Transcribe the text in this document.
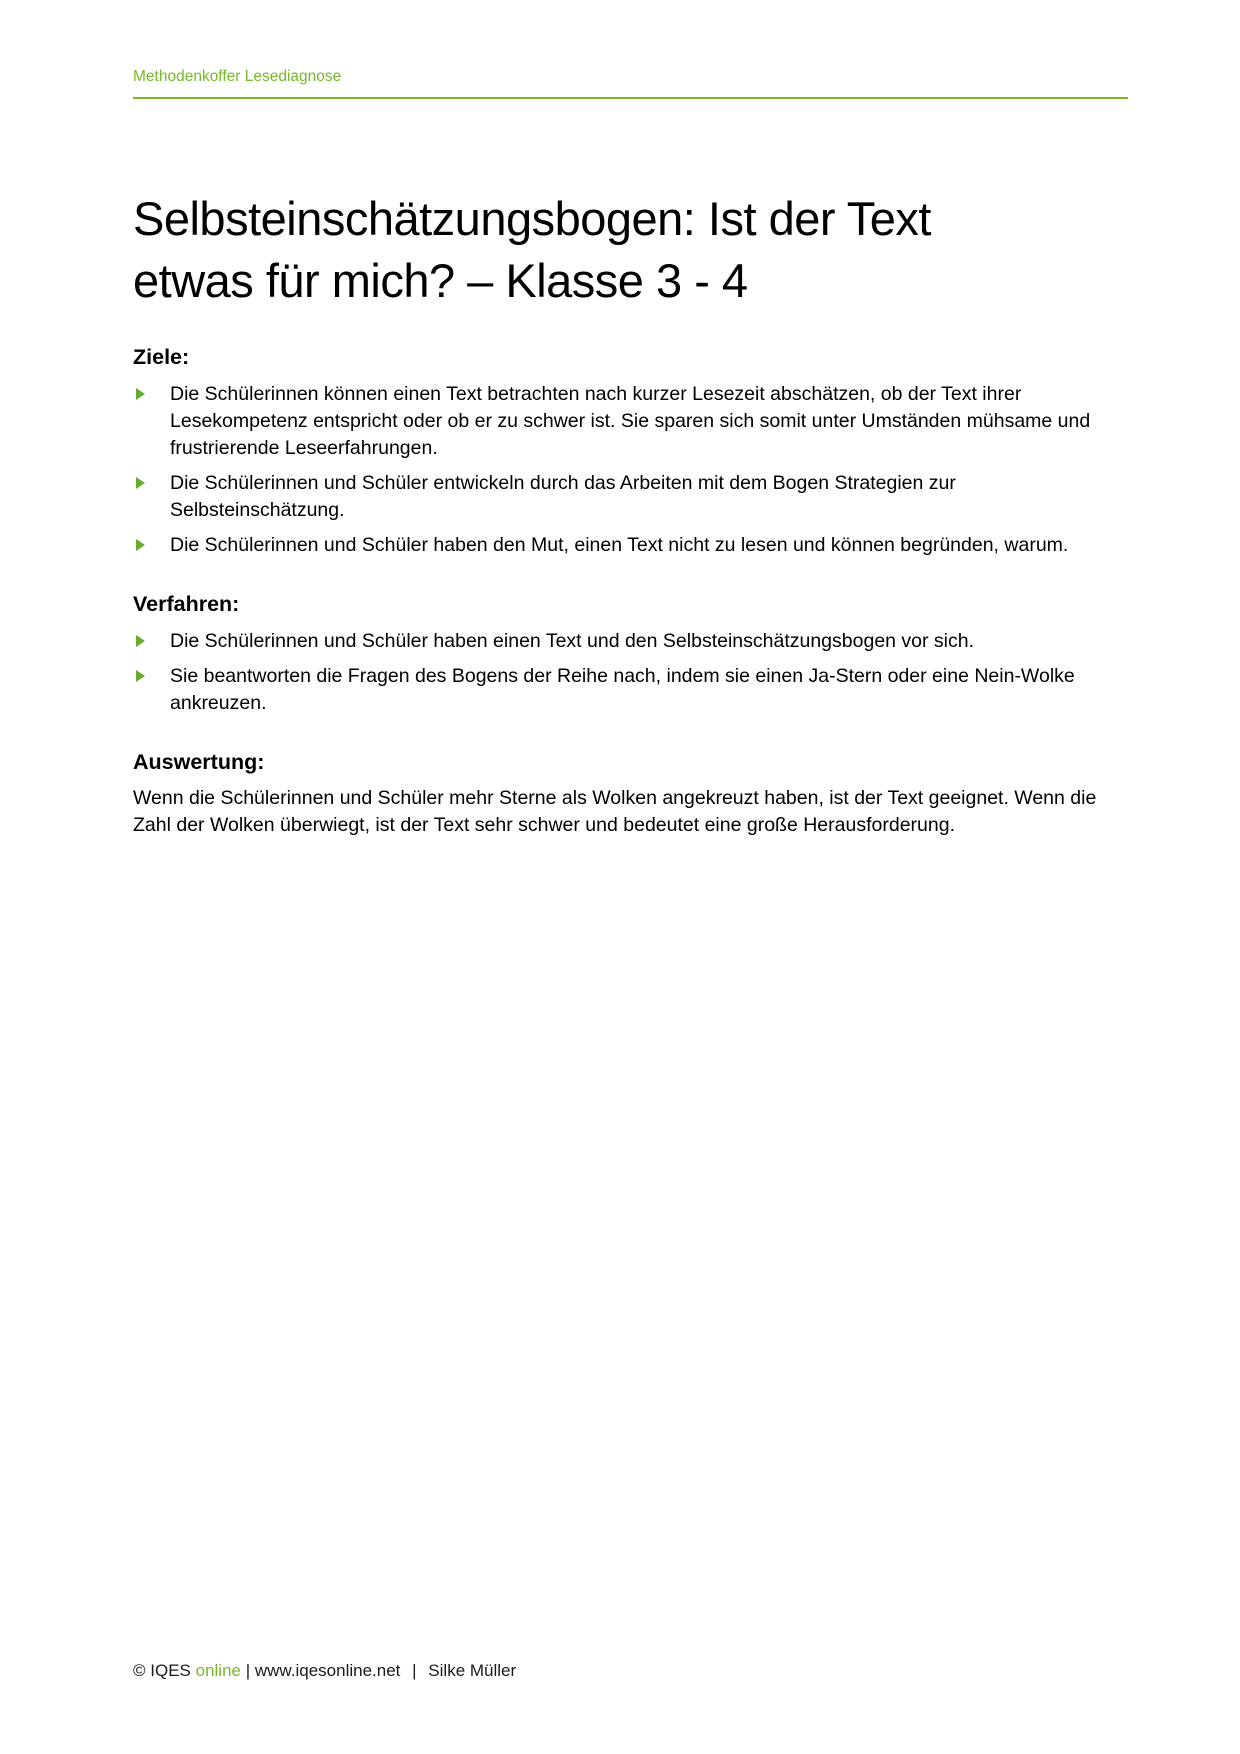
Methodenkoffer Lesediagnose
Selbsteinschätzungsbogen: Ist der Text
etwas für mich? – Klasse 3 - 4
Ziele:
Die Schülerinnen können einen Text betrachten nach kurzer Lesezeit abschätzen, ob der Text ihrer Lesekompetenz entspricht oder ob er zu schwer ist. Sie sparen sich somit unter Umständen mühsame und frustrierende Leseerfahrungen.
Die Schülerinnen und Schüler entwickeln durch das Arbeiten mit dem Bogen Strategien zur Selbsteinschätzung.
Die Schülerinnen und Schüler haben den Mut, einen Text nicht zu lesen und können begründen, warum.
Verfahren:
Die Schülerinnen und Schüler haben einen Text und den Selbsteinschätzungsbogen vor sich.
Sie beantworten die Fragen des Bogens der Reihe nach, indem sie einen Ja-Stern oder eine Nein-Wolke ankreuzen.
Auswertung:

Wenn die Schülerinnen und Schüler mehr Sterne als Wolken angekreuzt haben, ist der Text geeignet. Wenn die Zahl der Wolken überwiegt, ist der Text sehr schwer und bedeutet eine große Herausforderung.

© IQES online | www.iqesonline.net | Silke Müller
